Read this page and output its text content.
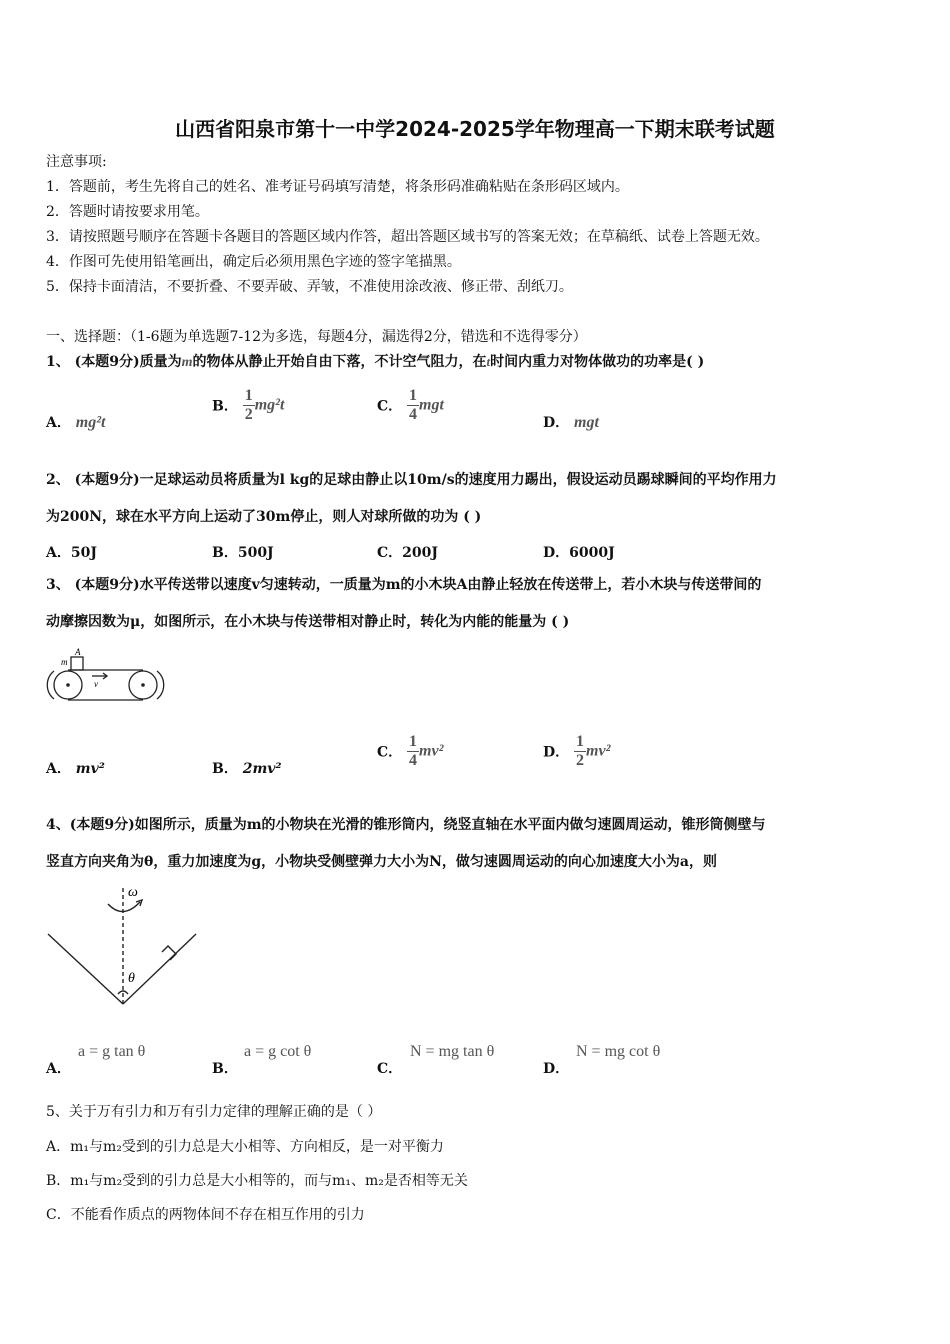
山西省阳泉市第十一中学2024-2025学年物理高一下期末联考试题
注意事项:
1．答题前，考生先将自己的姓名、准考证号码填写清楚，将条形码准确粘贴在条形码区域内。
2．答题时请按要求用笔。
3．请按照题号顺序在答题卡各题目的答题区域内作答，超出答题区域书写的答案无效；在草稿纸、试卷上答题无效。
4．作图可先使用铅笔画出，确定后必须用黑色字迹的签字笔描黑。
5．保持卡面清洁，不要折叠、不要弄破、弄皱，不准使用涂改液、修正带、刮纸刀。
一、选择题：（1-6题为单选题7-12为多选，每题4分，漏选得2分，错选和不选得零分）
1、 (本题9分)质量为m的物体从静止开始自由下落，不计空气阻力，在t时间内重力对物体做功的功率是( )
A． mg²t
B． $\frac{1}{2} mg^2t$	C． $\frac{1}{4}$ mgt
D． mgt
2、 (本题9分)一足球运动员将质量为l kg的足球由静止以10m/s的速度用力踢出，假设运动员踢球瞬间的平均作用力
为200N，球在水平方向上运动了30m停止，则人对球所做的功为 ( )
A．50J	B．500J	C．200J	D．6000J
3、 (本题9分)水平传送带以速度v匀速转动，一质量为m的小木块A由静止轻放在传送带上，若小木块与传送带间的
动摩擦因数为μ，如图所示，在小木块与传送带相对静止时，转化为内能的能量为 ( )
m
A
v
A． mv²	B． 2mv²
C． $\frac{1}{4} mv^2$	D． $\frac{1}{2} mv^2$
4、(本题9分)如图所示，质量为m的小物块在光滑的锥形筒内，绕竖直轴在水平面内做匀速圆周运动，锥形筒侧壁与
竖直方向夹角为θ，重力加速度为g，小物块受侧壁弹力大小为N，做匀速圆周运动的向心加速度大小为a，则
ω
θ
A．
a = g tan θ
B．
a = g cot θ
C．
N = mg tan θ
D．
N = mg cot θ
5、关于万有引力和万有引力定律的理解正确的是（ ）
A．m₁与m₂受到的引力总是大小相等、方向相反，是一对平衡力
B．m₁与m₂受到的引力总是大小相等的，而与m₁、m₂是否相等无关
C．不能看作质点的两物体间不存在相互作用的引力
